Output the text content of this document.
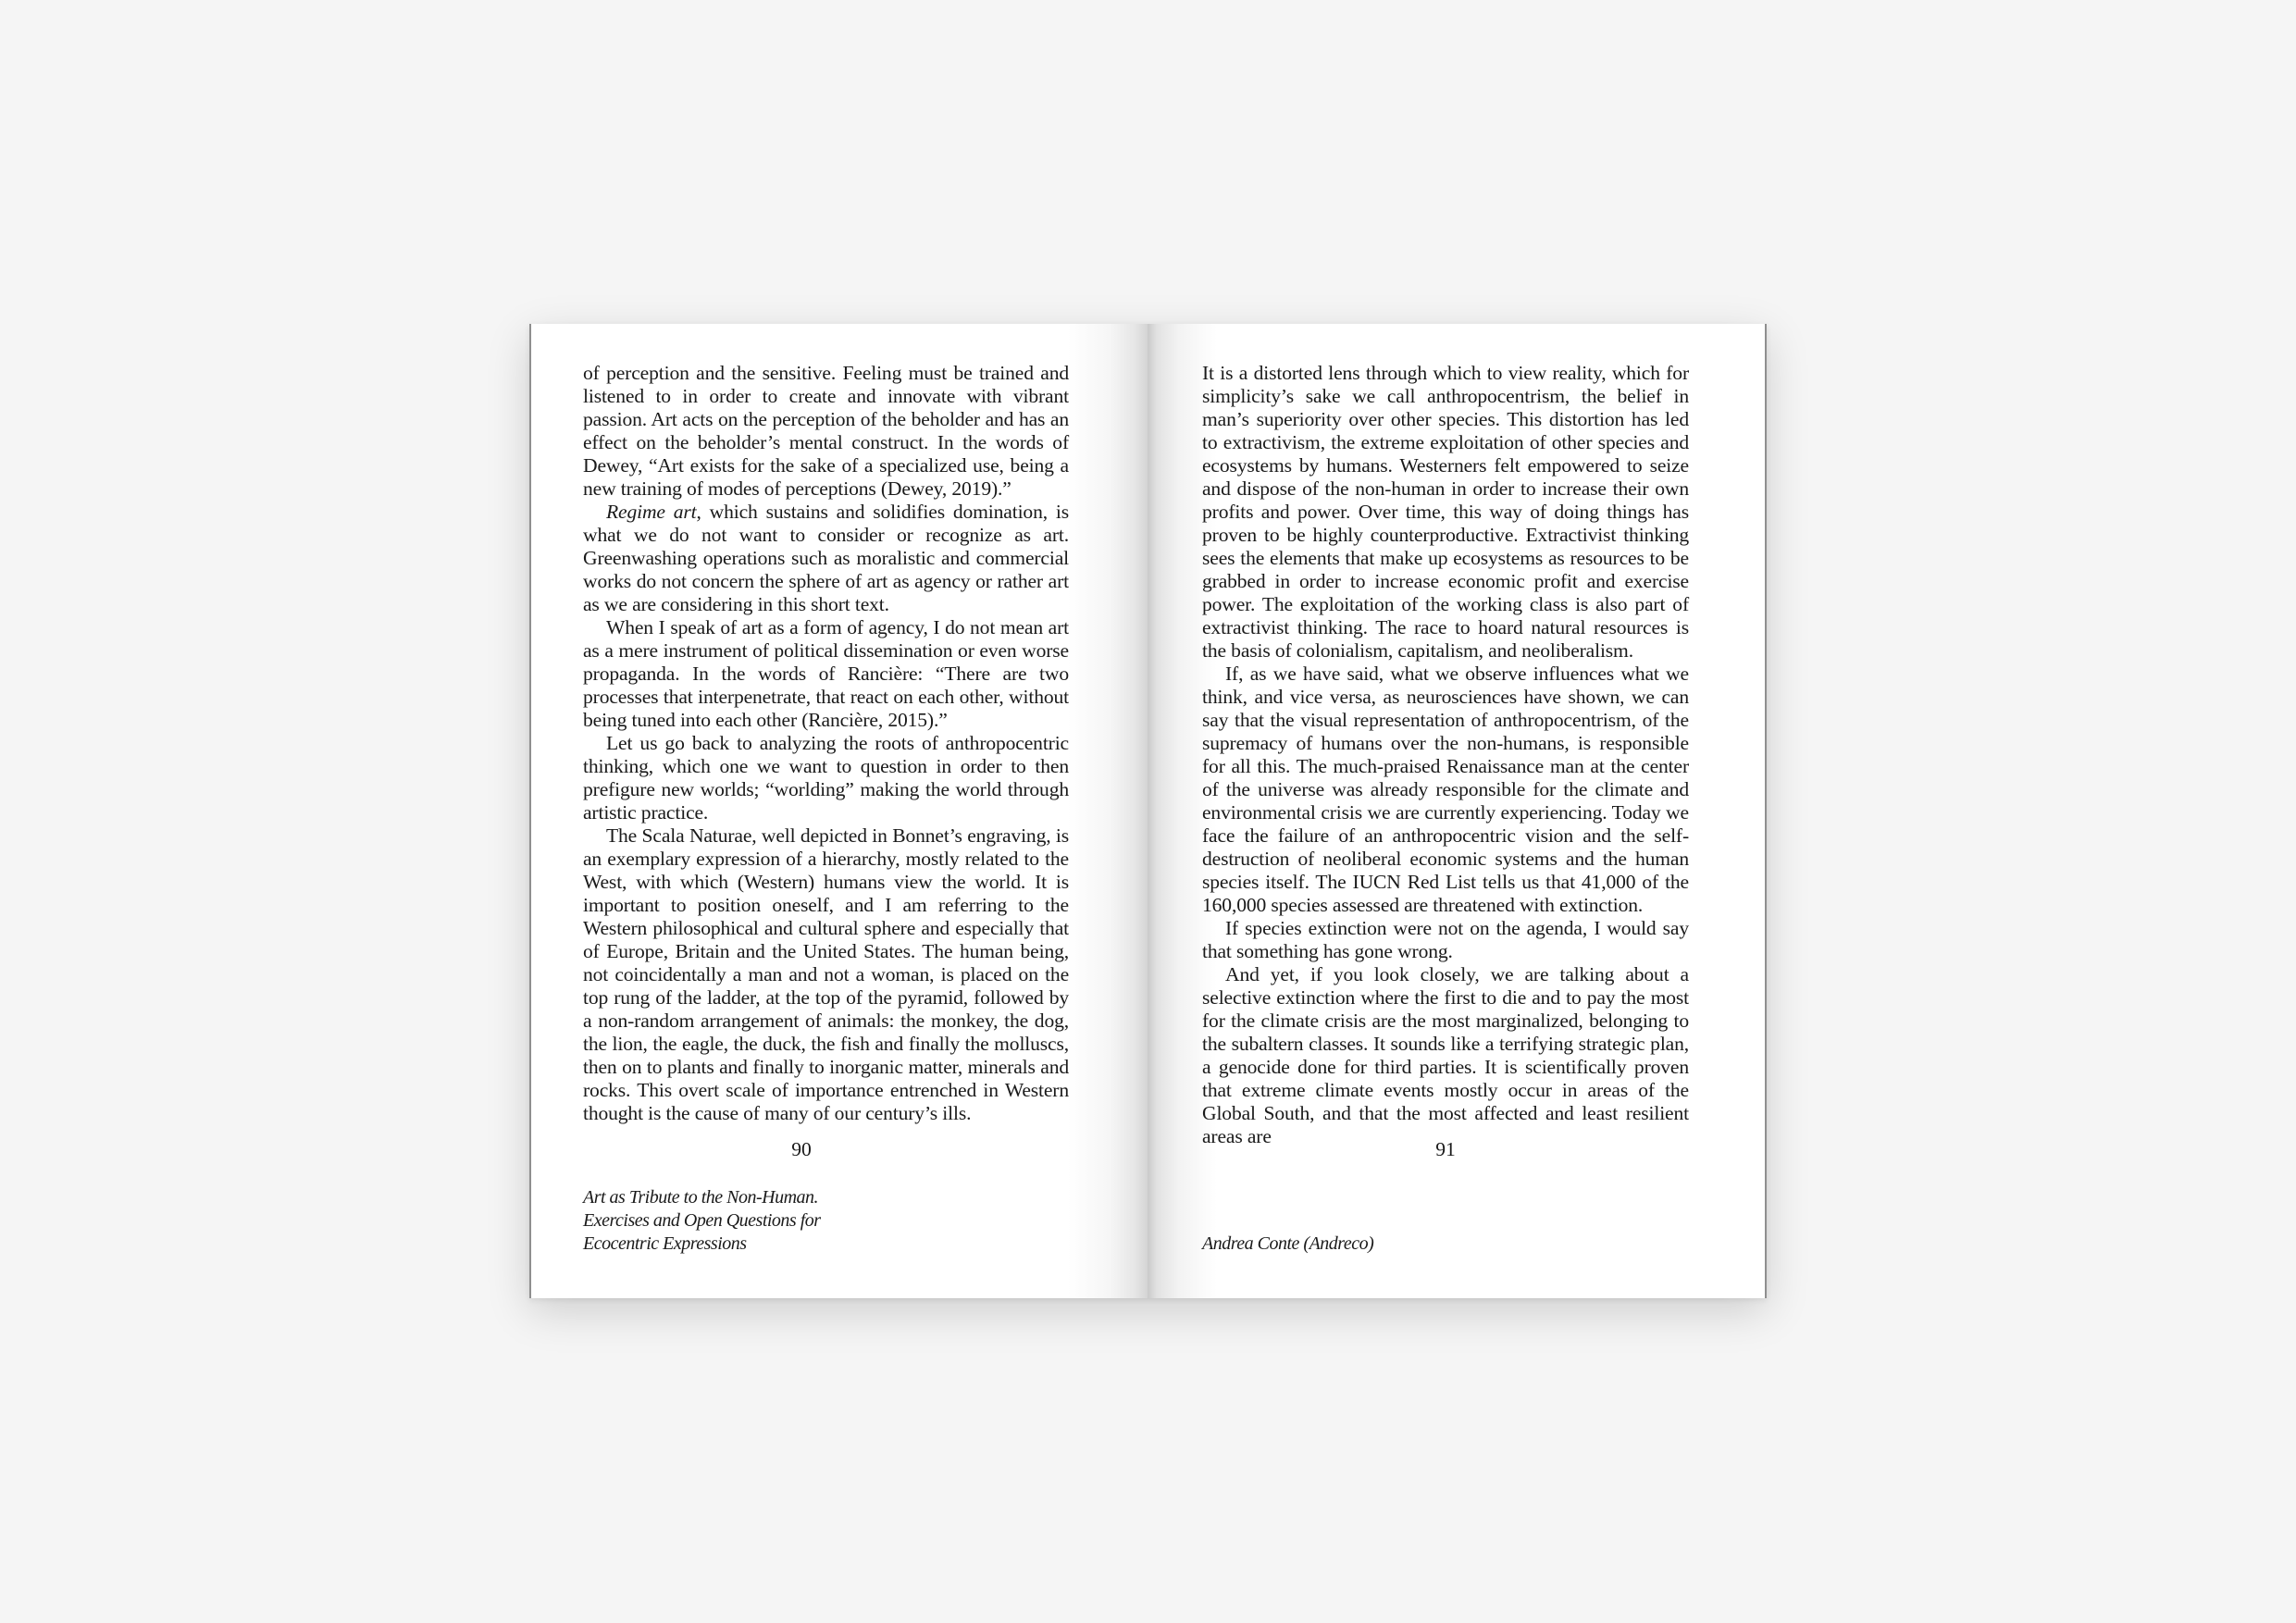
of perception and the sensitive. Feeling must be trained and listened to in order to create and innovate with vibrant passion. Art acts on the perception of the beholder and has an effect on the beholder’s mental construct. In the words of Dewey, “Art exists for the sake of a specialized use, being a new training of modes of perceptions (Dewey, 2019).”

Regime art, which sustains and solidifies domination, is what we do not want to consider or recognize as art. Greenwashing operations such as moralistic and commercial works do not concern the sphere of art as agency or rather art as we are considering in this short text.

When I speak of art as a form of agency, I do not mean art as a mere instrument of political dissemination or even worse propaganda. In the words of Rancière: “There are two processes that interpenetrate, that react on each other, without being tuned into each other (Rancière, 2015).”

Let us go back to analyzing the roots of anthropocentric thinking, which one we want to question in order to then prefigure new worlds; “worlding” making the world through artistic practice.

The Scala Naturae, well depicted in Bonnet’s engraving, is an exemplary expression of a hierarchy, mostly related to the West, with which (Western) humans view the world. It is important to position oneself, and I am referring to the Western philosophical and cultural sphere and especially that of Europe, Britain and the United States. The human being, not coincidentally a man and not a woman, is placed on the top rung of the ladder, at the top of the pyramid, followed by a non-random arrangement of animals: the monkey, the dog, the lion, the eagle, the duck, the fish and finally the molluscs, then on to plants and finally to inorganic matter, minerals and rocks. This overt scale of importance entrenched in Western thought is the cause of many of our century’s ills.

90
Art as Tribute to the Non-Human.
Exercises and Open Questions for
Ecocentric Expressions

It is a distorted lens through which to view reality, which for simplicity’s sake we call anthropocentrism, the belief in man’s superiority over other species. This distortion has led to extractivism, the extreme exploitation of other species and ecosystems by humans. Westerners felt empowered to seize and dispose of the non-human in order to increase their own profits and power. Over time, this way of doing things has proven to be highly counterproductive. Extractivist thinking sees the elements that make up ecosystems as resources to be grabbed in order to increase economic profit and exercise power. The exploitation of the working class is also part of extractivist thinking. The race to hoard natural resources is the basis of colonialism, capitalism, and neoliberalism.

If, as we have said, what we observe influences what we think, and vice versa, as neurosciences have shown, we can say that the visual representation of anthropocentrism, of the supremacy of humans over the non-humans, is responsible for all this. The much-praised Renaissance man at the center of the universe was already responsible for the climate and environmental crisis we are currently experiencing. Today we face the failure of an anthropocentric vision and the self-destruction of neoliberal economic systems and the human species itself. The IUCN Red List tells us that 41,000 of the 160,000 species assessed are threatened with extinction.

If species extinction were not on the agenda, I would say that something has gone wrong.

And yet, if you look closely, we are talking about a selective extinction where the first to die and to pay the most for the climate crisis are the most marginalized, belonging to the subaltern classes. It sounds like a terrifying strategic plan, a genocide done for third parties. It is scientifically proven that extreme climate events mostly occur in areas of the Global South, and that the most affected and least resilient areas are

91
Andrea Conte (Andreco)
